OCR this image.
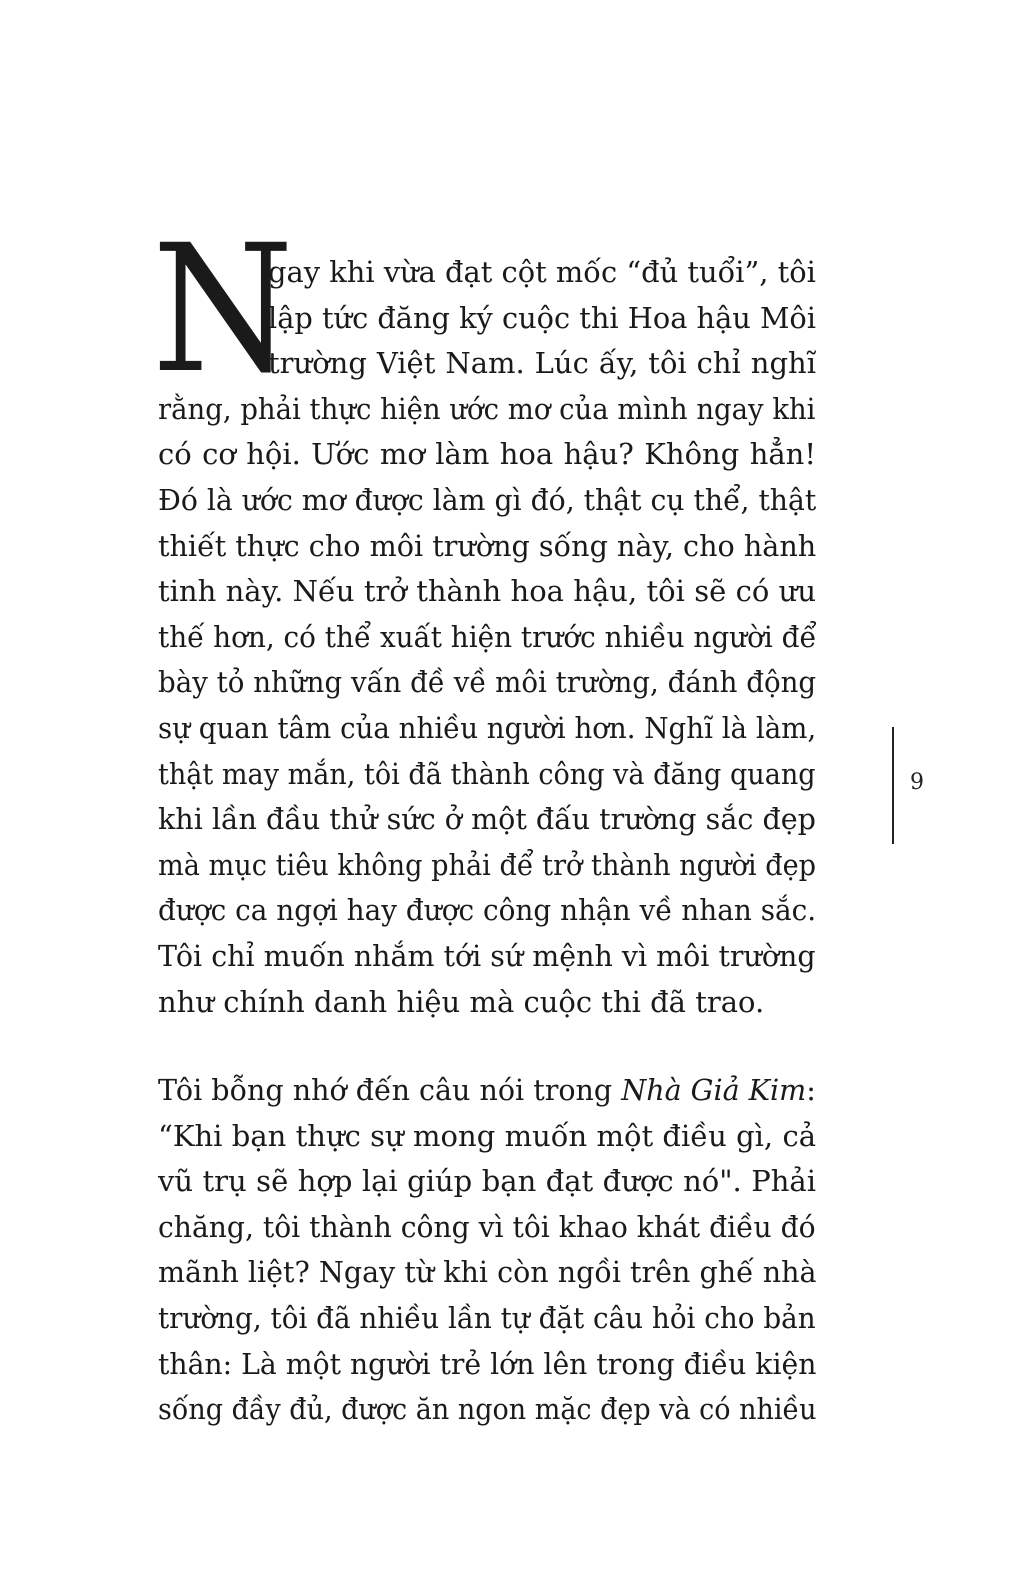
N
gay khi vừa đạt cột mốc “đủ tuổi”, tôi
lập tức đăng ký cuộc thi Hoa hậu Môi
trường Việt Nam. Lúc ấy, tôi chỉ nghĩ
rằng, phải thực hiện ước mơ của mình ngay khi
có cơ hội. Ước mơ làm hoa hậu? Không hẳn!
Đó là ước mơ được làm gì đó, thật cụ thể, thật
thiết thực cho môi trường sống này, cho hành
tinh này. Nếu trở thành hoa hậu, tôi sẽ có ưu
thế hơn, có thể xuất hiện trước nhiều người để
bày tỏ những vấn đề về môi trường, đánh động
sự quan tâm của nhiều người hơn. Nghĩ là làm,
thật may mắn, tôi đã thành công và đăng quang
khi lần đầu thử sức ở một đấu trường sắc đẹp
mà mục tiêu không phải để trở thành người đẹp
được ca ngợi hay được công nhận về nhan sắc.
Tôi chỉ muốn nhắm tới sứ mệnh vì môi trường
như chính danh hiệu mà cuộc thi đã trao.
Tôi bỗng nhớ đến câu nói trong Nhà Giả Kim:
“Khi bạn thực sự mong muốn một điều gì, cả
vũ trụ sẽ hợp lại giúp bạn đạt được nó". Phải
chăng, tôi thành công vì tôi khao khát điều đó
mãnh liệt? Ngay từ khi còn ngồi trên ghế nhà
trường, tôi đã nhiều lần tự đặt câu hỏi cho bản
thân: Là một người trẻ lớn lên trong điều kiện
sống đầy đủ, được ăn ngon mặc đẹp và có nhiều
9
